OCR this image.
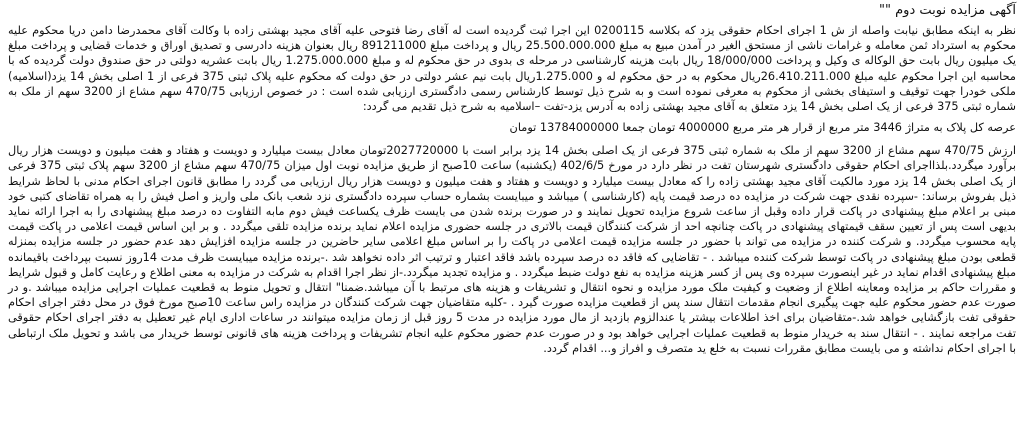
آگهی مزایده نوبت دوم ""

نظر به اینکه مطابق نیابت واصله از ش 1 اجرای احکام حقوقی یزد که بکلاسه 0200115 این اجرا ثبت گردیده است له آقای رضا فتوحی علیه آقای مجید بهشتی زاده با وکالت آقای محمدرضا دامن دریا محکوم علیه محکوم به استرداد ثمن معامله و غرامات ناشی از مستحق الغیر در آمدن مبیع به مبلغ 25.500.000.000 ریال و پرداخت مبلغ 891211000 ریال بعنوان هزینه دادرسی و تصدیق اوراق و خدمات قضایی و پرداخت مبلغ یک میلیون ریال بابت حق الوکاله ی وکیل و پرداخت 18/000/000 ریال بابت هزینه کارشناسی در مرحله ی بدوی در حق محکوم له و مبلغ 1.275.000.000 ریال بابت عشریه دولتی در حق صندوق دولت گردیده که با محاسبه این اجرا محکوم علیه مبلغ 26.410.211.000ریال محکوم به در حق محکوم له و 1.275.000ریال بابت نیم عشر دولتی در حق دولت که محکوم علیه پلاک ثبتی 375 فرعی از 1 اصلی بخش 14 یزد(اسلامیه) ملکی خودرا جهت توقیف و استیفای بخشی از محکوم به معرفی نموده است و به شرح ذیل توسط کارشناس رسمی دادگستری ارزیابی شده است : در خصوص ارزیابی 470/75 سهم مشاع از 3200 سهم از ملک به شماره ثبتی 375 فرعی از یک اصلی بخش 14 یزد متعلق به آقای مجید بهشتی زاده به آدرس یزد-تفت –اسلامیه به شرح ذیل تقدیم می گردد:

عرصه کل پلاک به متراژ 3446 متر مربع از قرار هر متر مربع 4000000 تومان جمعا 13784000000 تومان

ارزش 470/75 سهم مشاع از 3200 سهم از ملک به شماره ثبتی 375 فرعی از یک اصلی بخش 14 یزد برابر است با 2027720000تومان معادل بیست میلیارد و دویست و هفتاد و هفت میلیون و دویست هزار ریال برآورد میگردد.بلذااجرای احکام حقوقی دادگستری شهرستان تفت در نظر دارد در مورخ 402/6/5 (یکشنبه) ساعت 10صبح از طریق مزایده نوبت اول میزان 470/75 سهم مشاع از 3200 سهم پلاک ثبتی 375 فرعی از یک اصلی بخش 14 یزد مورد مالکیت آقای مجید بهشتی زاده را که معادل بیست میلیارد و دویست و هفتاد و هفت میلیون و دویست هزار ریال ارزیابی می گردد را مطابق قانون اجرای احکام مدنی با لحاظ شرایط ذیل بفروش برساند: -سپرده نقدی جهت شرکت در مزایده ده درصد قیمت پایه (کارشناسی ) میباشد و میبایست بشماره حساب سپرده دادگستری نزد شعب بانک ملی واریز و اصل فیش را به همراه تقاضای کتبی خود مبنی بر اعلام مبلغ پیشنهادی در پاکت قرار داده وقبل از ساعت شروع مزایده تحویل نمایند و در صورت برنده شدن می بایست ظرف یکساعت فیش دوم مابه التفاوت ده درصد مبلغ پیشنهادی را به اجرا ارائه نماید بدیهی است پس از تعیین سقف قیمتهای پیشنهادی در پاکت چنانچه احد از شرکت کنندگان قیمت بالاتری در جلسه حضوری مزایده اعلام نماید برنده مزایده تلقی میگردد . و بر این اساس قیمت اعلامی در پاکت قیمت پایه محسوب میگردد. و شرکت کننده در مزایده می تواند با حضور در جلسه مزایده قیمت اعلامی در پاکت را بر اساس مبلغ اعلامی سایر حاضرین در جلسه مزایده افزایش دهد عدم حضور در جلسه مزایده بمنزله قطعی بودن مبلغ پیشنهادی در پاکت توسط شرکت کننده میباشد . - تقاضایی که فاقد ده درصد سپرده باشد فاقد اعتبار و ترتیب اثر داده نخواهد شد .-برنده مزایده میبایست ظرف مدت 14روز نسبت بپرداخت باقیمانده مبلغ پیشنهادی اقدام نماید در غیر اینصورت سپرده وی پس از کسر هزینه مزایده به نفع دولت ضبط میگردد . و مزایده تجدید میگردد.-از نظر اجرا اقدام به شرکت در مزایده به معنی اطلاع و رعایت کامل و قبول شرایط و مقررات حاکم بر مزایده ومعاینه اطلاع از وضعیت و کیفیت ملک مورد مزایده و نحوه انتقال و تشریفات و هزینه های مرتبط با آن میباشد.ضمنا" انتقال و تحویل منوط به قطعیت عملیات اجرایی مزایده میباشد .و در صورت عدم حضور محکوم علیه جهت پیگیری انجام مقدمات انتقال سند پس از قطعیت مزایده صورت گیرد . -کلیه متقاضیان جهت شرکت کنندگان در مزایده راس ساعت 10صبح مورخ فوق در محل دفتر اجرای احکام حقوقی تفت بازگشایی خواهد شد.-متقاضیان برای اخذ اطلاعات بیشتر یا عندالزوم بازدید از مال مورد مزایده در مدت 5 روز قبل از زمان مزایده میتوانند در ساعات اداری ایام غیر تعطیل به دفتر اجرای احکام حقوقی تفت مراجعه نمایند . - انتقال سند به خریدار منوط به قطعیت عملیات اجرایی خواهد بود و در صورت عدم حضور محکوم علیه انجام تشریفات و پرداخت هزینه های قانونی توسط خریدار می باشد و تحویل ملک ارتباطی با اجرای احکام نداشته و می بایست مطابق مقررات نسبت به خلع ید متصرف و افراز و... اقدام گردد.
